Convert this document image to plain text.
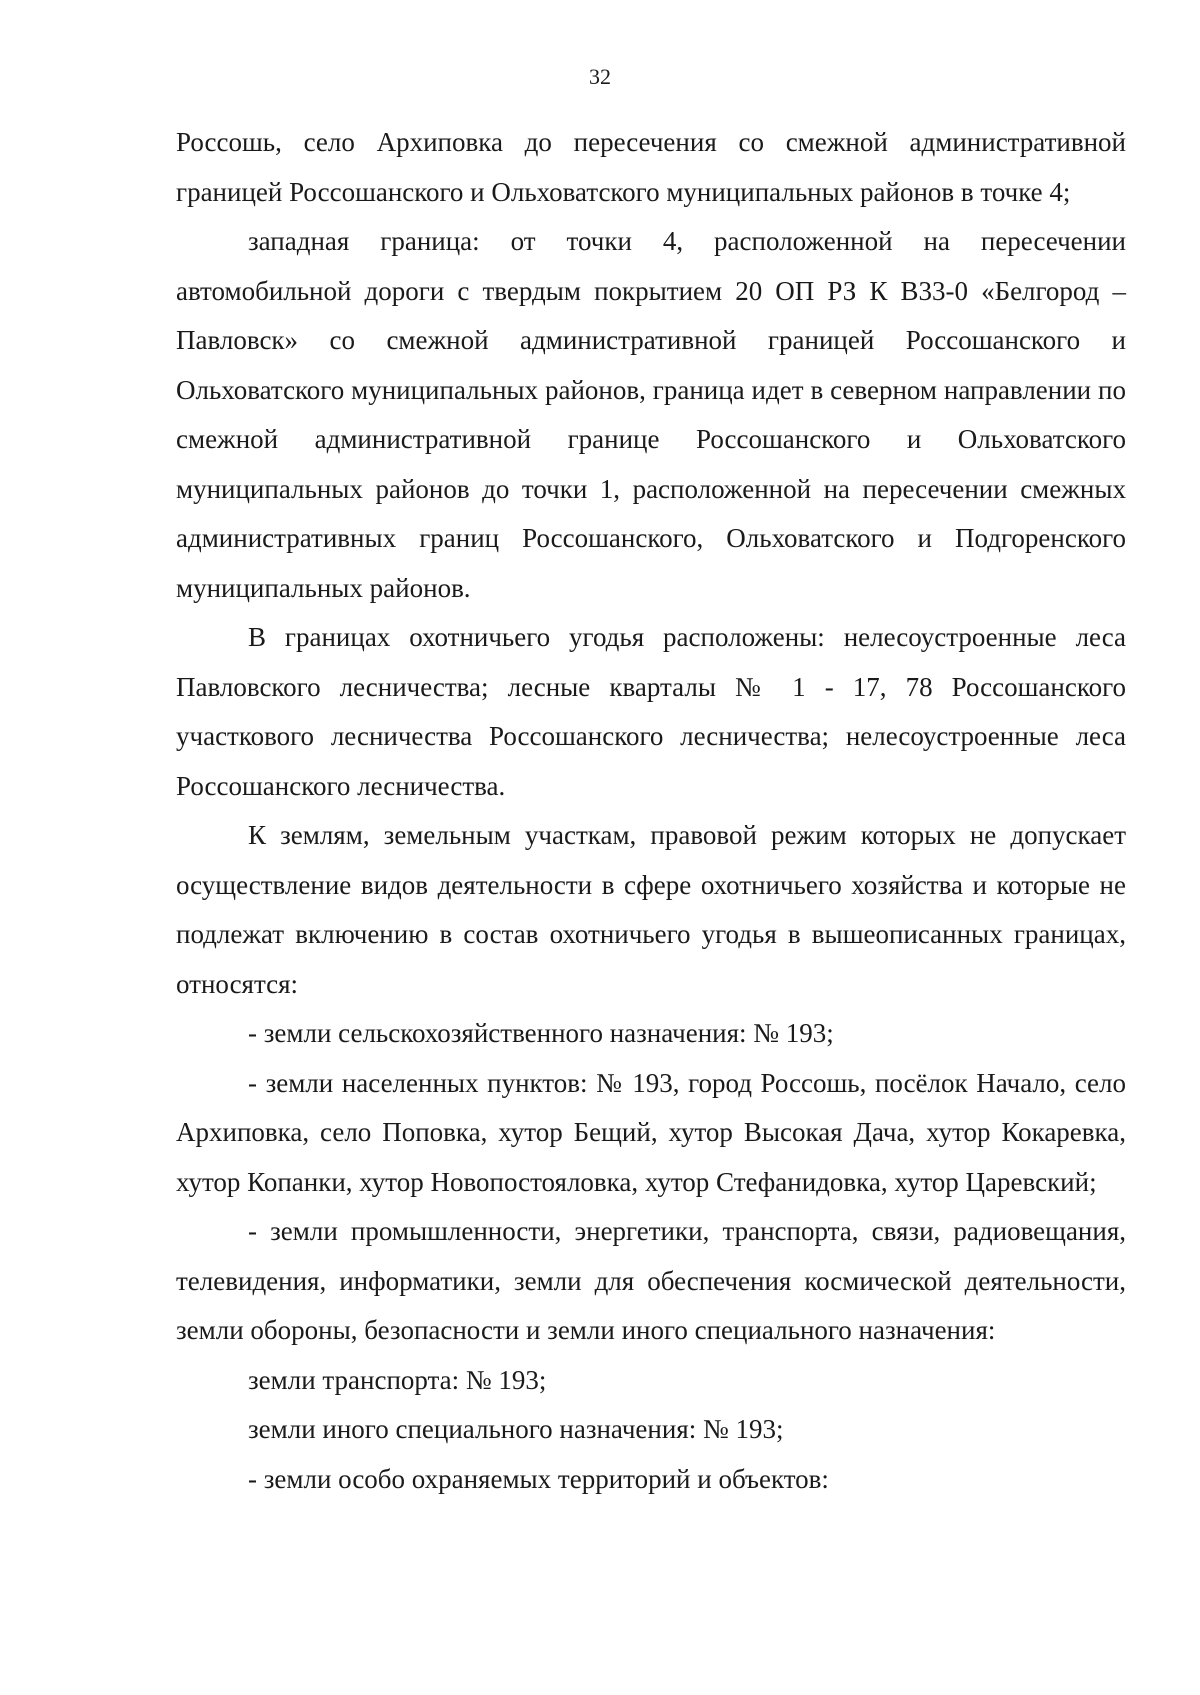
32

Россошь, село Архиповка до пересечения со смежной административной границей Россошанского и Ольховатского муниципальных районов в точке 4;

западная граница: от точки 4, расположенной на пересечении автомобильной дороги с твердым покрытием 20 ОП РЗ К В33-0 «Белгород – Павловск» со смежной административной границей Россошанского и Ольховатского муниципальных районов, граница идет в северном направлении по смежной административной границе Россошанского и Ольховатского муниципальных районов до точки 1, расположенной на пересечении смежных административных границ Россошанского, Ольховатского и Подгоренского муниципальных районов.

В границах охотничьего угодья расположены: нелесоустроенные леса Павловского лесничества; лесные кварталы № 1 - 17, 78 Россошанского участкового лесничества Россошанского лесничества; нелесоустроенные леса Россошанского лесничества.

К землям, земельным участкам, правовой режим которых не допускает осуществление видов деятельности в сфере охотничьего хозяйства и которые не подлежат включению в состав охотничьего угодья в вышеописанных границах, относятся:

- земли сельскохозяйственного назначения: № 193;

- земли населенных пунктов: № 193, город Россошь, посёлок Начало, село Архиповка, село Поповка, хутор Бещий, хутор Высокая Дача, хутор Кокаревка, хутор Копанки, хутор Новопостояловка, хутор Стефанидовка, хутор Царевский;

- земли промышленности, энергетики, транспорта, связи, радиовещания, телевидения, информатики, земли для обеспечения космической деятельности, земли обороны, безопасности и земли иного специального назначения:

земли транспорта: № 193;

земли иного специального назначения: № 193;

- земли особо охраняемых территорий и объектов:
